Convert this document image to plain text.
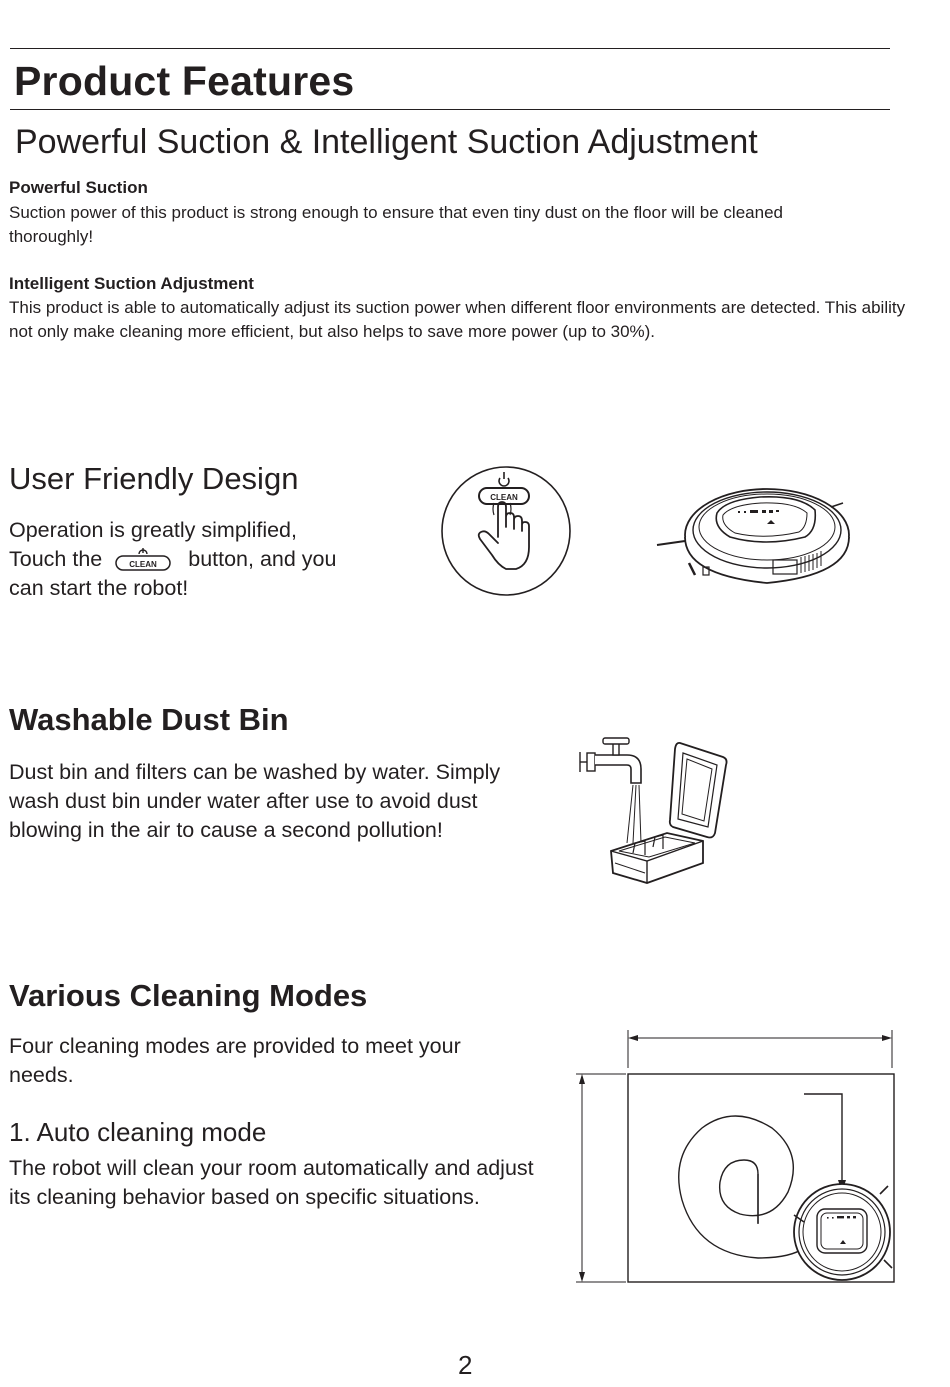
Product Features
Powerful Suction & Intelligent Suction Adjustment
Powerful Suction
Suction power of this product is strong enough to ensure that even tiny dust on the floor will be cleaned thoroughly!
Intelligent Suction Adjustment
This product is able to automatically adjust its suction power when different floor environments are detected. This ability not only make cleaning more efficient, but also helps to save more power (up to 30%).
User Friendly Design
Operation is greatly simplified,
Touch the	CLEAN button, and you
can start the robot!
CLEAN
Washable Dust Bin
Dust bin and filters can be washed by water. Simply wash dust bin under water after use to avoid dust blowing in the air to cause a second pollution!
Various Cleaning Modes
Four cleaning modes are provided to meet your needs.
1. Auto cleaning mode
The robot will clean your room automatically and adjust its cleaning behavior based on specific situations.
2
